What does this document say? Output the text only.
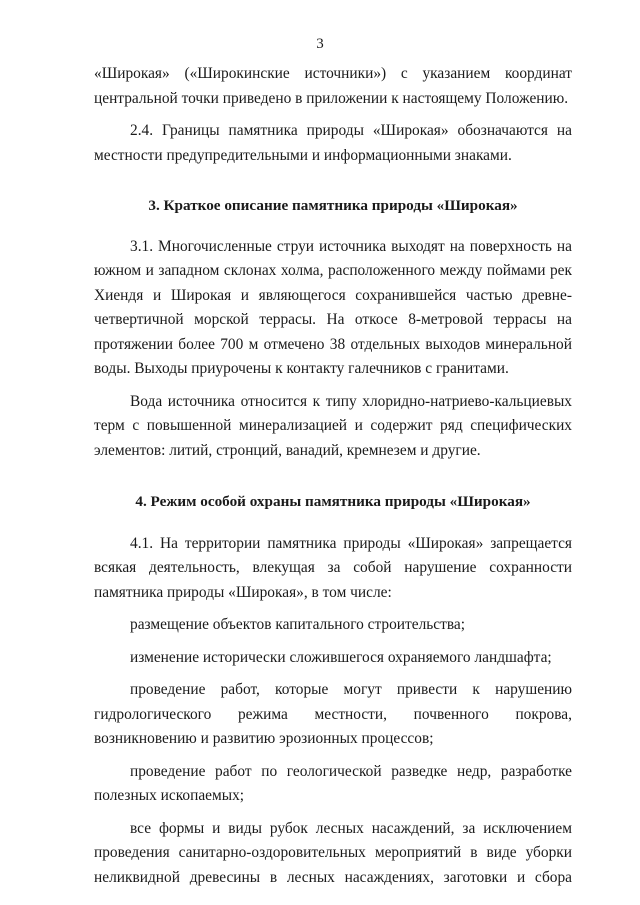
3

«Широкая» («Широкинские источники») с указанием координат центральной точки приведено в приложении к настоящему Положению.

2.4. Границы памятника природы «Широкая» обозначаются на местности предупредительными и информационными знаками.

3. Краткое описание памятника природы «Широкая»

3.1. Многочисленные струи источника выходят на поверхность на южном и западном склонах холма, расположенного между поймами рек Хиендя и Широкая и являющегося сохранившейся частью древне-четвертичной морской террасы. На откосе 8-метровой террасы на протяжении более 700 м отмечено 38 отдельных выходов минеральной воды. Выходы приурочены к контакту галечников с гранитами.

Вода источника относится к типу хлоридно-натриево-кальциевых терм с повышенной минерализацией и содержит ряд специфических элементов: литий, стронций, ванадий, кремнезем и другие.

4. Режим особой охраны памятника природы «Широкая»

4.1. На территории памятника природы «Широкая» запрещается всякая деятельность, влекущая за собой нарушение сохранности памятника природы «Широкая», в том числе:

размещение объектов капитального строительства;

изменение исторически сложившегося охраняемого ландшафта;

проведение работ, которые могут привести к нарушению гидрологического режима местности, почвенного покрова, возникновению и развитию эрозионных процессов;

проведение работ по геологической разведке недр, разработке полезных ископаемых;

все формы и виды рубок лесных насаждений, за исключением проведения санитарно-оздоровительных мероприятий в виде уборки неликвидной древесины в лесных насаждениях, заготовки и сбора
